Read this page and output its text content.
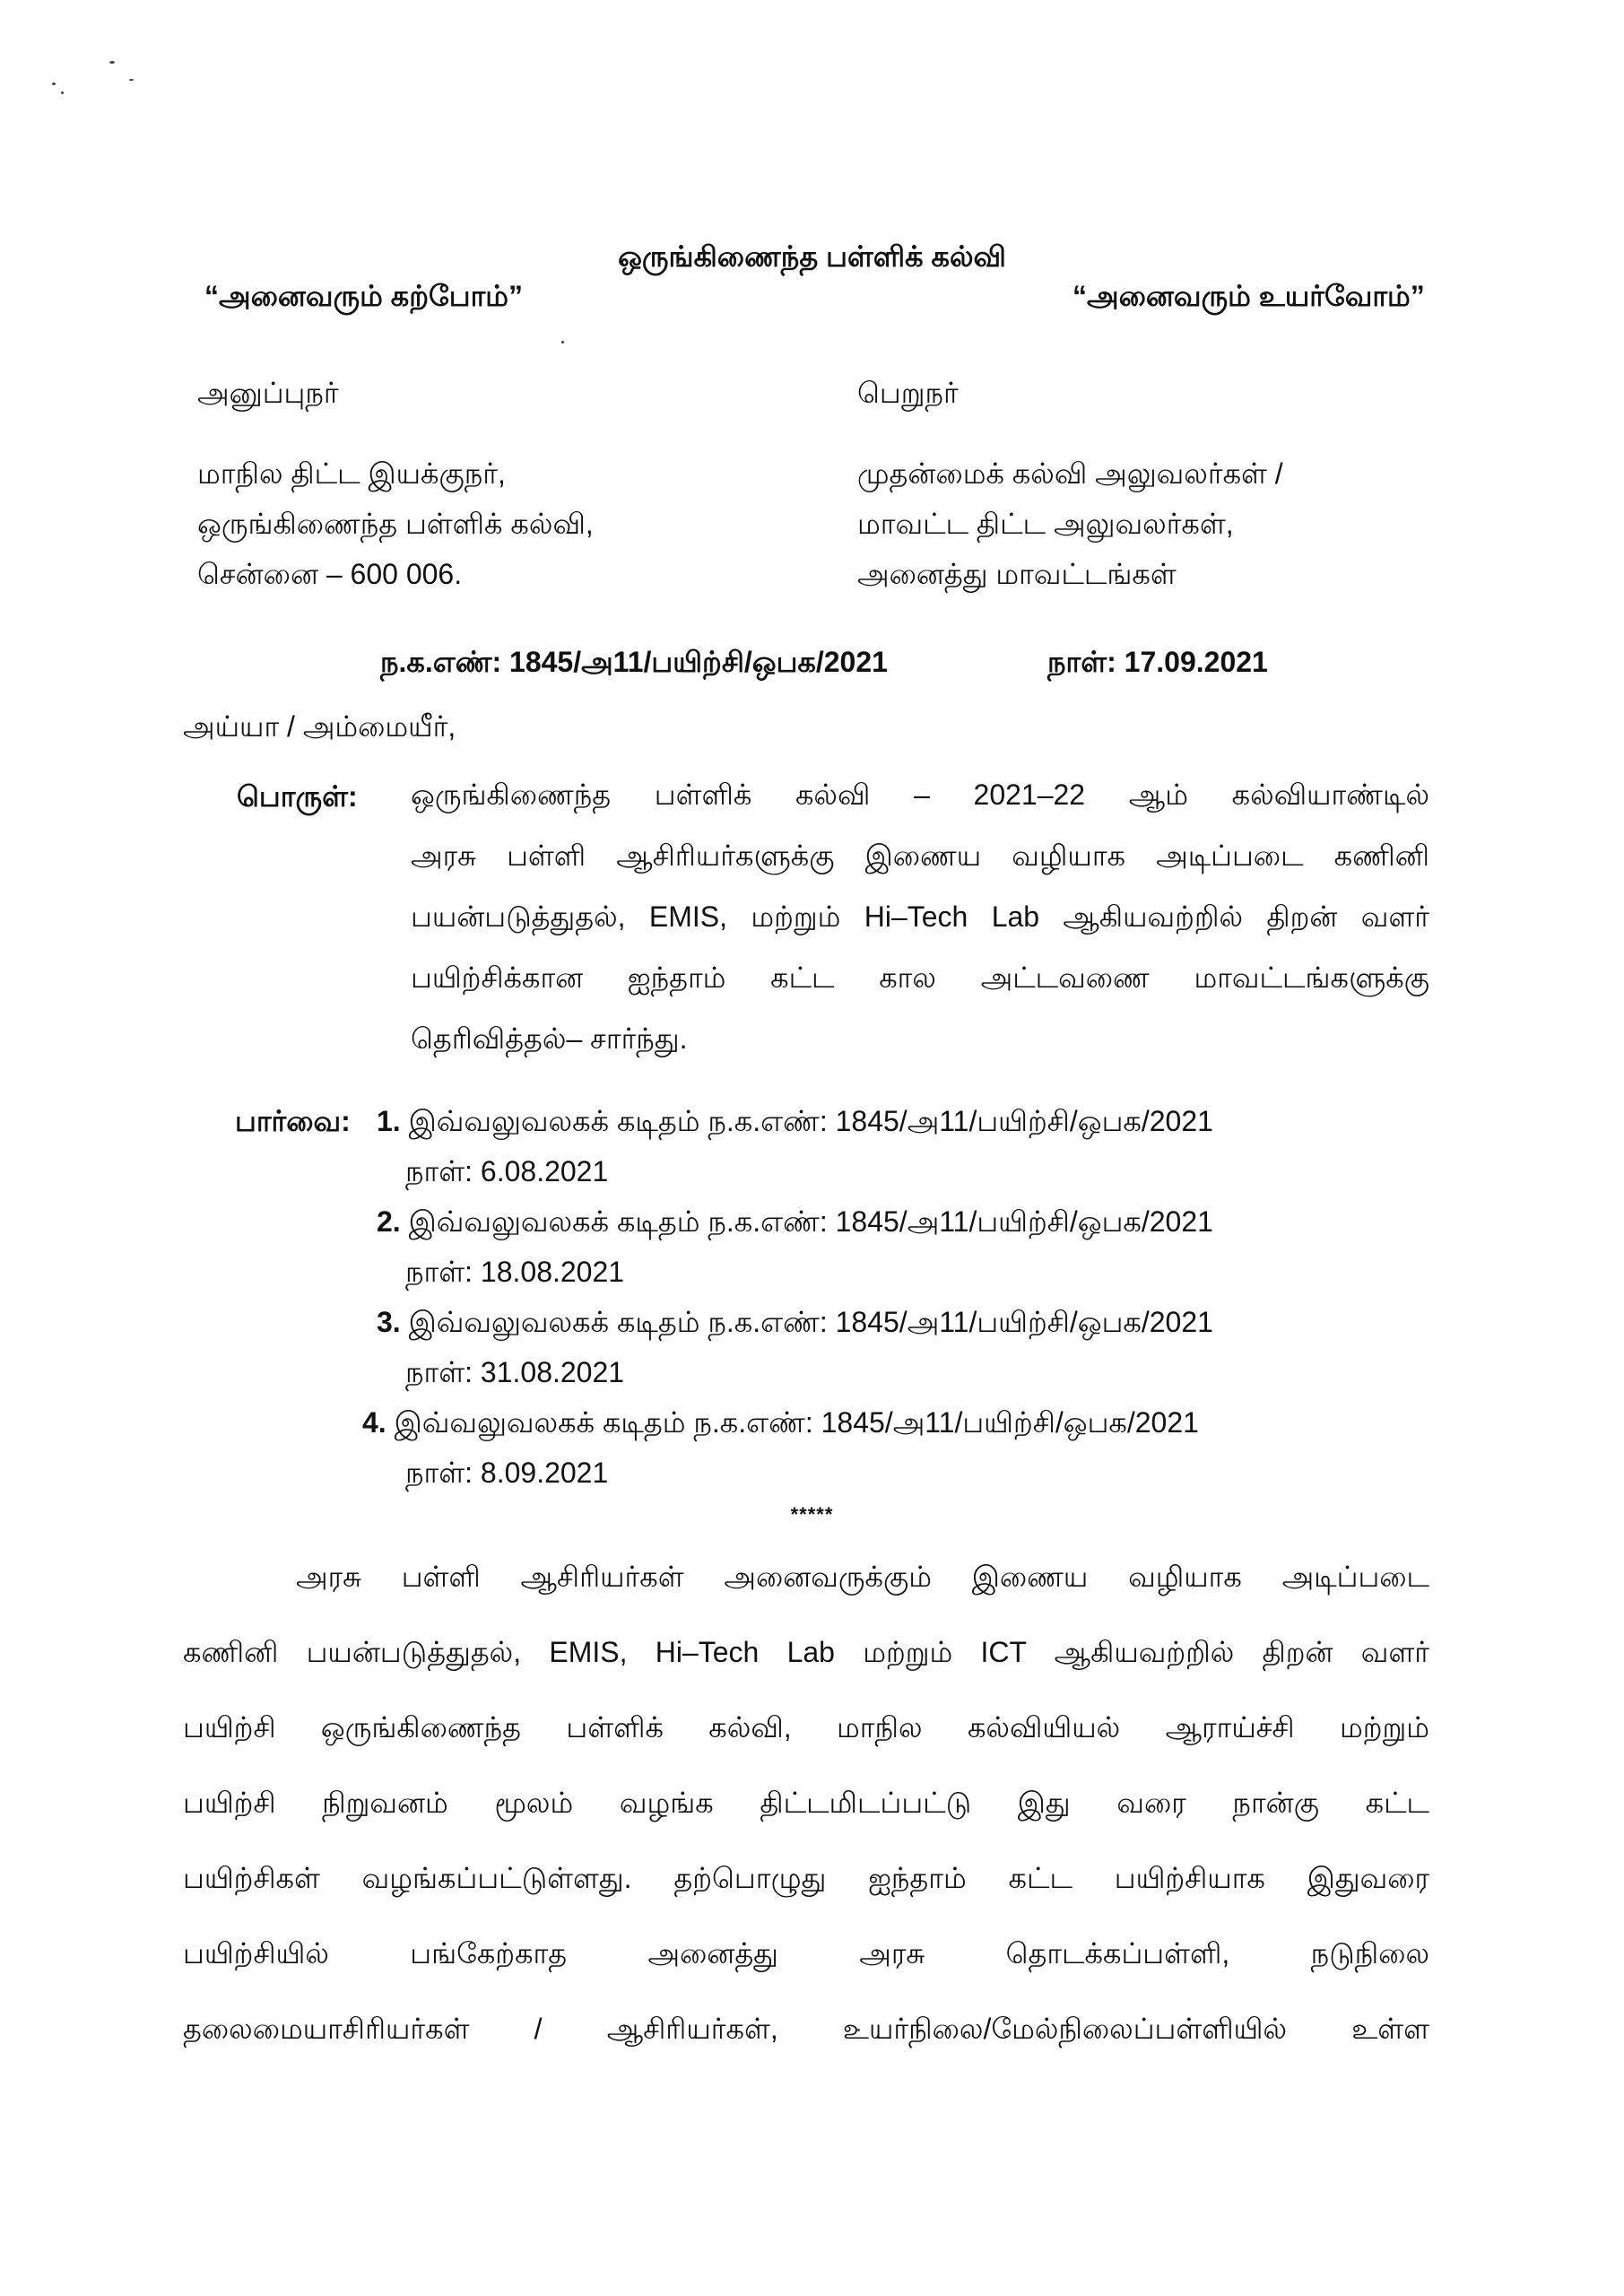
ஒருங்கிணைந்த பள்ளிக் கல்வி
“அனைவரும் கற்போம்”	“அனைவரும் உயர்வோம்”
அனுப்புநர்	பெறுநர்
மாநில திட்ட இயக்குநர்,
ஒருங்கிணைந்த பள்ளிக் கல்வி,
சென்னை – 600 006.
முதன்மைக் கல்வி அலுவலர்கள் /
மாவட்ட திட்ட அலுவலர்கள்,
அனைத்து மாவட்டங்கள்
ந.க.எண்: 1845/அ11/பயிற்சி/ஒபக/2021	நாள்: 17.09.2021
அய்யா / அம்மையீர்,
பொருள்: ஒருங்கிணைந்த பள்ளிக் கல்வி – 2021–22 ஆம் கல்வியாண்டில்
அரசு பள்ளி ஆசிரியர்களுக்கு இணைய வழியாக அடிப்படை கணினி
பயன்படுத்துதல், EMIS, மற்றும் Hi–Tech Lab ஆகியவற்றில் திறன் வளர்
பயிற்சிக்கான ஐந்தாம் கட்ட கால அட்டவணை மாவட்டங்களுக்கு
தெரிவித்தல்– சார்ந்து.
பார்வை: 1. இவ்வலுவலகக் கடிதம் ந.க.எண்: 1845/அ11/பயிற்சி/ஒபக/2021
நாள்: 6.08.2021
2. இவ்வலுவலகக் கடிதம் ந.க.எண்: 1845/அ11/பயிற்சி/ஒபக/2021
நாள்: 18.08.2021
3. இவ்வலுவலகக் கடிதம் ந.க.எண்: 1845/அ11/பயிற்சி/ஒபக/2021
நாள்: 31.08.2021
4. இவ்வலுவலகக் கடிதம் ந.க.எண்: 1845/அ11/பயிற்சி/ஒபக/2021
நாள்: 8.09.2021
*****
அரசு பள்ளி ஆசிரியர்கள் அனைவருக்கும் இணைய வழியாக அடிப்படை
கணினி பயன்படுத்துதல், EMIS, Hi–Tech Lab மற்றும் ICT ஆகியவற்றில் திறன் வளர்
பயிற்சி ஒருங்கிணைந்த பள்ளிக் கல்வி, மாநில கல்வியியல் ஆராய்ச்சி மற்றும்
பயிற்சி நிறுவனம் மூலம் வழங்க திட்டமிடப்பட்டு இது வரை நான்கு கட்ட
பயிற்சிகள் வழங்கப்பட்டுள்ளது. தற்பொழுது ஐந்தாம் கட்ட பயிற்சியாக இதுவரை
பயிற்சியில் பங்கேற்காத அனைத்து அரசு தொடக்கப்பள்ளி, நடுநிலை
தலைமையாசிரியர்கள் / ஆசிரியர்கள், உயர்நிலை/மேல்நிலைப்பள்ளியில் உள்ள
